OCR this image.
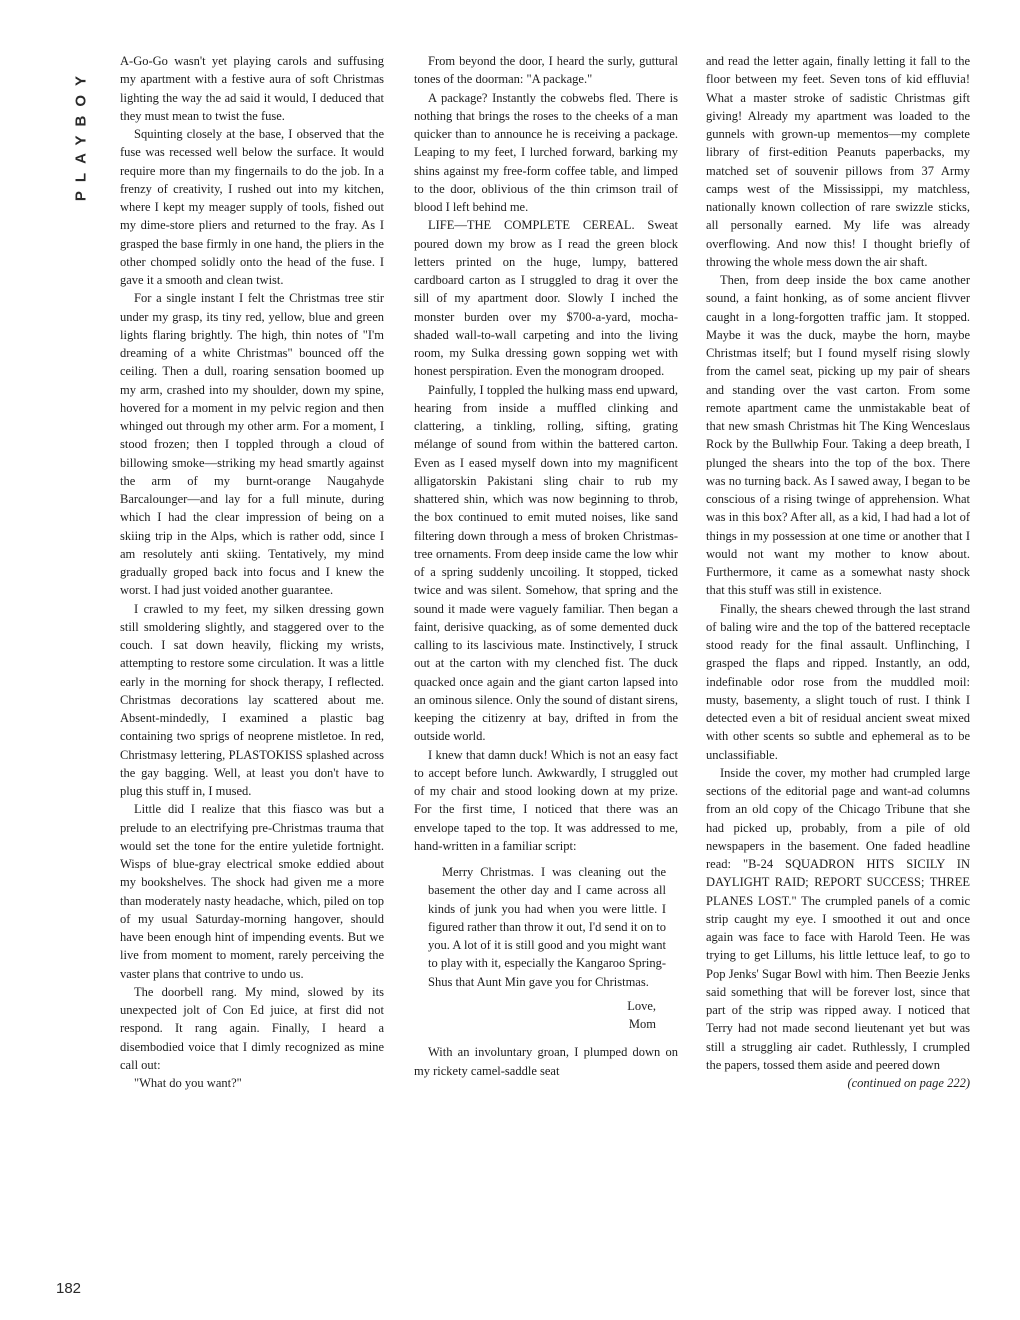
PLAYBOY

A-Go-Go wasn't yet playing carols and suffusing my apartment with a festive aura of soft Christmas lighting the way the ad said it would, I deduced that they must mean to twist the fuse.

Squinting closely at the base, I observed that the fuse was recessed well below the surface. It would require more than my fingernails to do the job. In a frenzy of creativity, I rushed out into my kitchen, where I kept my meager supply of tools, fished out my dime-store pliers and returned to the fray. As I grasped the base firmly in one hand, the pliers in the other chomped solidly onto the head of the fuse. I gave it a smooth and clean twist.

For a single instant I felt the Christmas tree stir under my grasp, its tiny red, yellow, blue and green lights flaring brightly. The high, thin notes of "I'm dreaming of a white Christmas" bounced off the ceiling. Then a dull, roaring sensation boomed up my arm, crashed into my shoulder, down my spine, hovered for a moment in my pelvic region and then whinged out through my other arm. For a moment, I stood frozen; then I toppled through a cloud of billowing smoke—striking my head smartly against the arm of my burnt-orange Naugahyde Barcalounger—and lay for a full minute, during which I had the clear impression of being on a skiing trip in the Alps, which is rather odd, since I am resolutely anti skiing. Tentatively, my mind gradually groped back into focus and I knew the worst. I had just voided another guarantee.

I crawled to my feet, my silken dressing gown still smoldering slightly, and staggered over to the couch. I sat down heavily, flicking my wrists, attempting to restore some circulation. It was a little early in the morning for shock therapy, I reflected. Christmas decorations lay scattered about me. Absent-mindedly, I examined a plastic bag containing two sprigs of neoprene mistletoe. In red, Christmasy lettering, PLASTOKISS splashed across the gay bagging. Well, at least you don't have to plug this stuff in, I mused.

Little did I realize that this fiasco was but a prelude to an electrifying pre-Christmas trauma that would set the tone for the entire yuletide fortnight. Wisps of blue-gray electrical smoke eddied about my bookshelves. The shock had given me a more than moderately nasty headache, which, piled on top of my usual Saturday-morning hangover, should have been enough hint of impending events. But we live from moment to moment, rarely perceiving the vaster plans that contrive to undo us.

The doorbell rang. My mind, slowed by its unexpected jolt of Con Ed juice, at first did not respond. It rang again. Finally, I heard a disembodied voice that I dimly recognized as mine call out:

"What do you want?"

From beyond the door, I heard the surly, guttural tones of the doorman: "A package."

A package? Instantly the cobwebs fled. There is nothing that brings the roses to the cheeks of a man quicker than to announce he is receiving a package. Leaping to my feet, I lurched forward, barking my shins against my free-form coffee table, and limped to the door, oblivious of the thin crimson trail of blood I left behind me.

LIFE—THE COMPLETE CEREAL. Sweat poured down my brow as I read the green block letters printed on the huge, lumpy, battered cardboard carton as I struggled to drag it over the sill of my apartment door. Slowly I inched the monster burden over my $700-a-yard, mocha-shaded wall-to-wall carpeting and into the living room, my Sulka dressing gown sopping wet with honest perspiration. Even the monogram drooped.

Painfully, I toppled the hulking mass end upward, hearing from inside a muffled clinking and clattering, a tinkling, rolling, sifting, grating mélange of sound from within the battered carton. Even as I eased myself down into my magnificent alligatorskin Pakistani sling chair to rub my shattered shin, which was now beginning to throb, the box continued to emit muted noises, like sand filtering down through a mess of broken Christmas-tree ornaments. From deep inside came the low whir of a spring suddenly uncoiling. It stopped, ticked twice and was silent. Somehow, that spring and the sound it made were vaguely familiar. Then began a faint, derisive quacking, as of some demented duck calling to its lascivious mate. Instinctively, I struck out at the carton with my clenched fist. The duck quacked once again and the giant carton lapsed into an ominous silence. Only the sound of distant sirens, keeping the citizenry at bay, drifted in from the outside world.

I knew that damn duck! Which is not an easy fact to accept before lunch. Awkwardly, I struggled out of my chair and stood looking down at my prize. For the first time, I noticed that there was an envelope taped to the top. It was addressed to me, hand-written in a familiar script:

Merry Christmas. I was cleaning out the basement the other day and I came across all kinds of junk you had when you were little. I figured rather than throw it out, I'd send it on to you. A lot of it is still good and you might want to play with it, especially the Kangaroo Spring-Shus that Aunt Min gave you for Christmas.

Love,
Mom

With an involuntary groan, I plumped down on my rickety camel-saddle seat

and read the letter again, finally letting it fall to the floor between my feet. Seven tons of kid effluvia! What a master stroke of sadistic Christmas gift giving! Already my apartment was loaded to the gunnels with grown-up mementos—my complete library of first-edition Peanuts paperbacks, my matched set of souvenir pillows from 37 Army camps west of the Mississippi, my matchless, nationally known collection of rare swizzle sticks, all personally earned. My life was already overflowing. And now this! I thought briefly of throwing the whole mess down the air shaft.

Then, from deep inside the box came another sound, a faint honking, as of some ancient flivver caught in a long-forgotten traffic jam. It stopped. Maybe it was the duck, maybe the horn, maybe Christmas itself; but I found myself rising slowly from the camel seat, picking up my pair of shears and standing over the vast carton. From some remote apartment came the unmistakable beat of that new smash Christmas hit The King Wenceslaus Rock by the Bullwhip Four. Taking a deep breath, I plunged the shears into the top of the box. There was no turning back. As I sawed away, I began to be conscious of a rising twinge of apprehension. What was in this box? After all, as a kid, I had had a lot of things in my possession at one time or another that I would not want my mother to know about. Furthermore, it came as a somewhat nasty shock that this stuff was still in existence.

Finally, the shears chewed through the last strand of baling wire and the top of the battered receptacle stood ready for the final assault. Unflinching, I grasped the flaps and ripped. Instantly, an odd, indefinable odor rose from the muddled moil: musty, basementy, a slight touch of rust. I think I detected even a bit of residual ancient sweat mixed with other scents so subtle and ephemeral as to be unclassifiable.

Inside the cover, my mother had crumpled large sections of the editorial page and want-ad columns from an old copy of the Chicago Tribune that she had picked up, probably, from a pile of old newspapers in the basement. One faded headline read: "B-24 SQUADRON HITS SICILY IN DAYLIGHT RAID; REPORT SUCCESS; THREE PLANES LOST." The crumpled panels of a comic strip caught my eye. I smoothed it out and once again was face to face with Harold Teen. He was trying to get Lillums, his little lettuce leaf, to go to Pop Jenks' Sugar Bowl with him. Then Beezie Jenks said something that will be forever lost, since that part of the strip was ripped away. I noticed that Terry had not made second lieutenant yet but was still a struggling air cadet. Ruthlessly, I crumpled the papers, tossed them aside and peered down

(continued on page 222)

182
